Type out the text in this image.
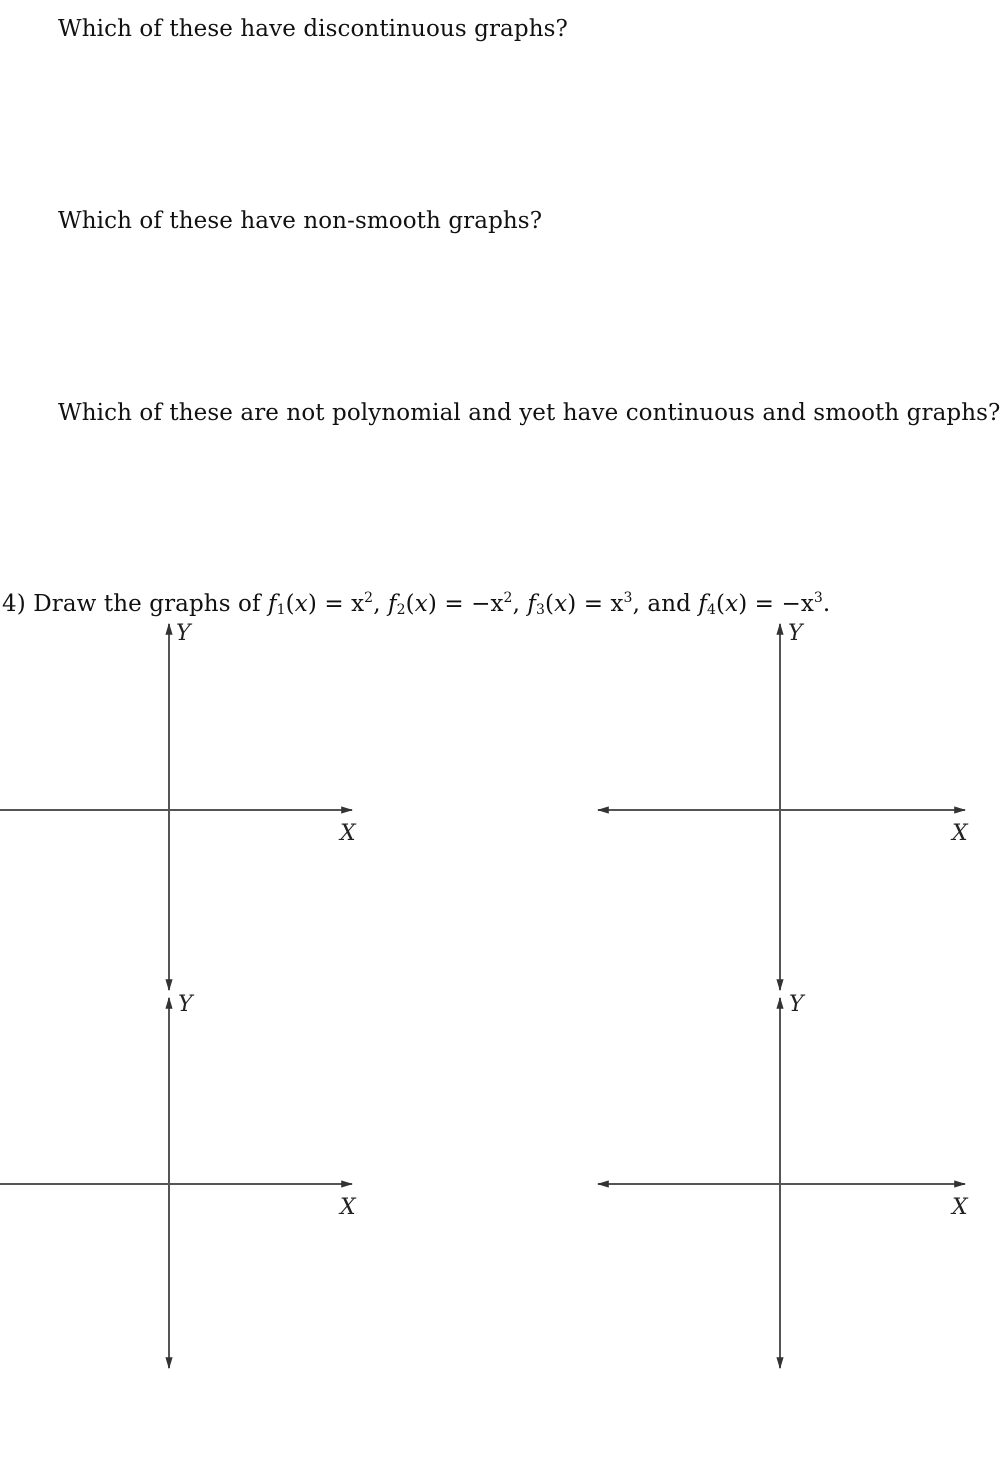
Which of these have discontinuous graphs?
Which of these have non-smooth graphs?
Which of these are not polynomial and yet have continuous and smooth graphs?
4) Draw the graphs of $f_1(x) = x^2$, $f_2(x) = -x^2$, $f_3(x) = x^3$, and $f_4(x) = -x^3$.
Y
X
Y
X
Y
X
Y
X
